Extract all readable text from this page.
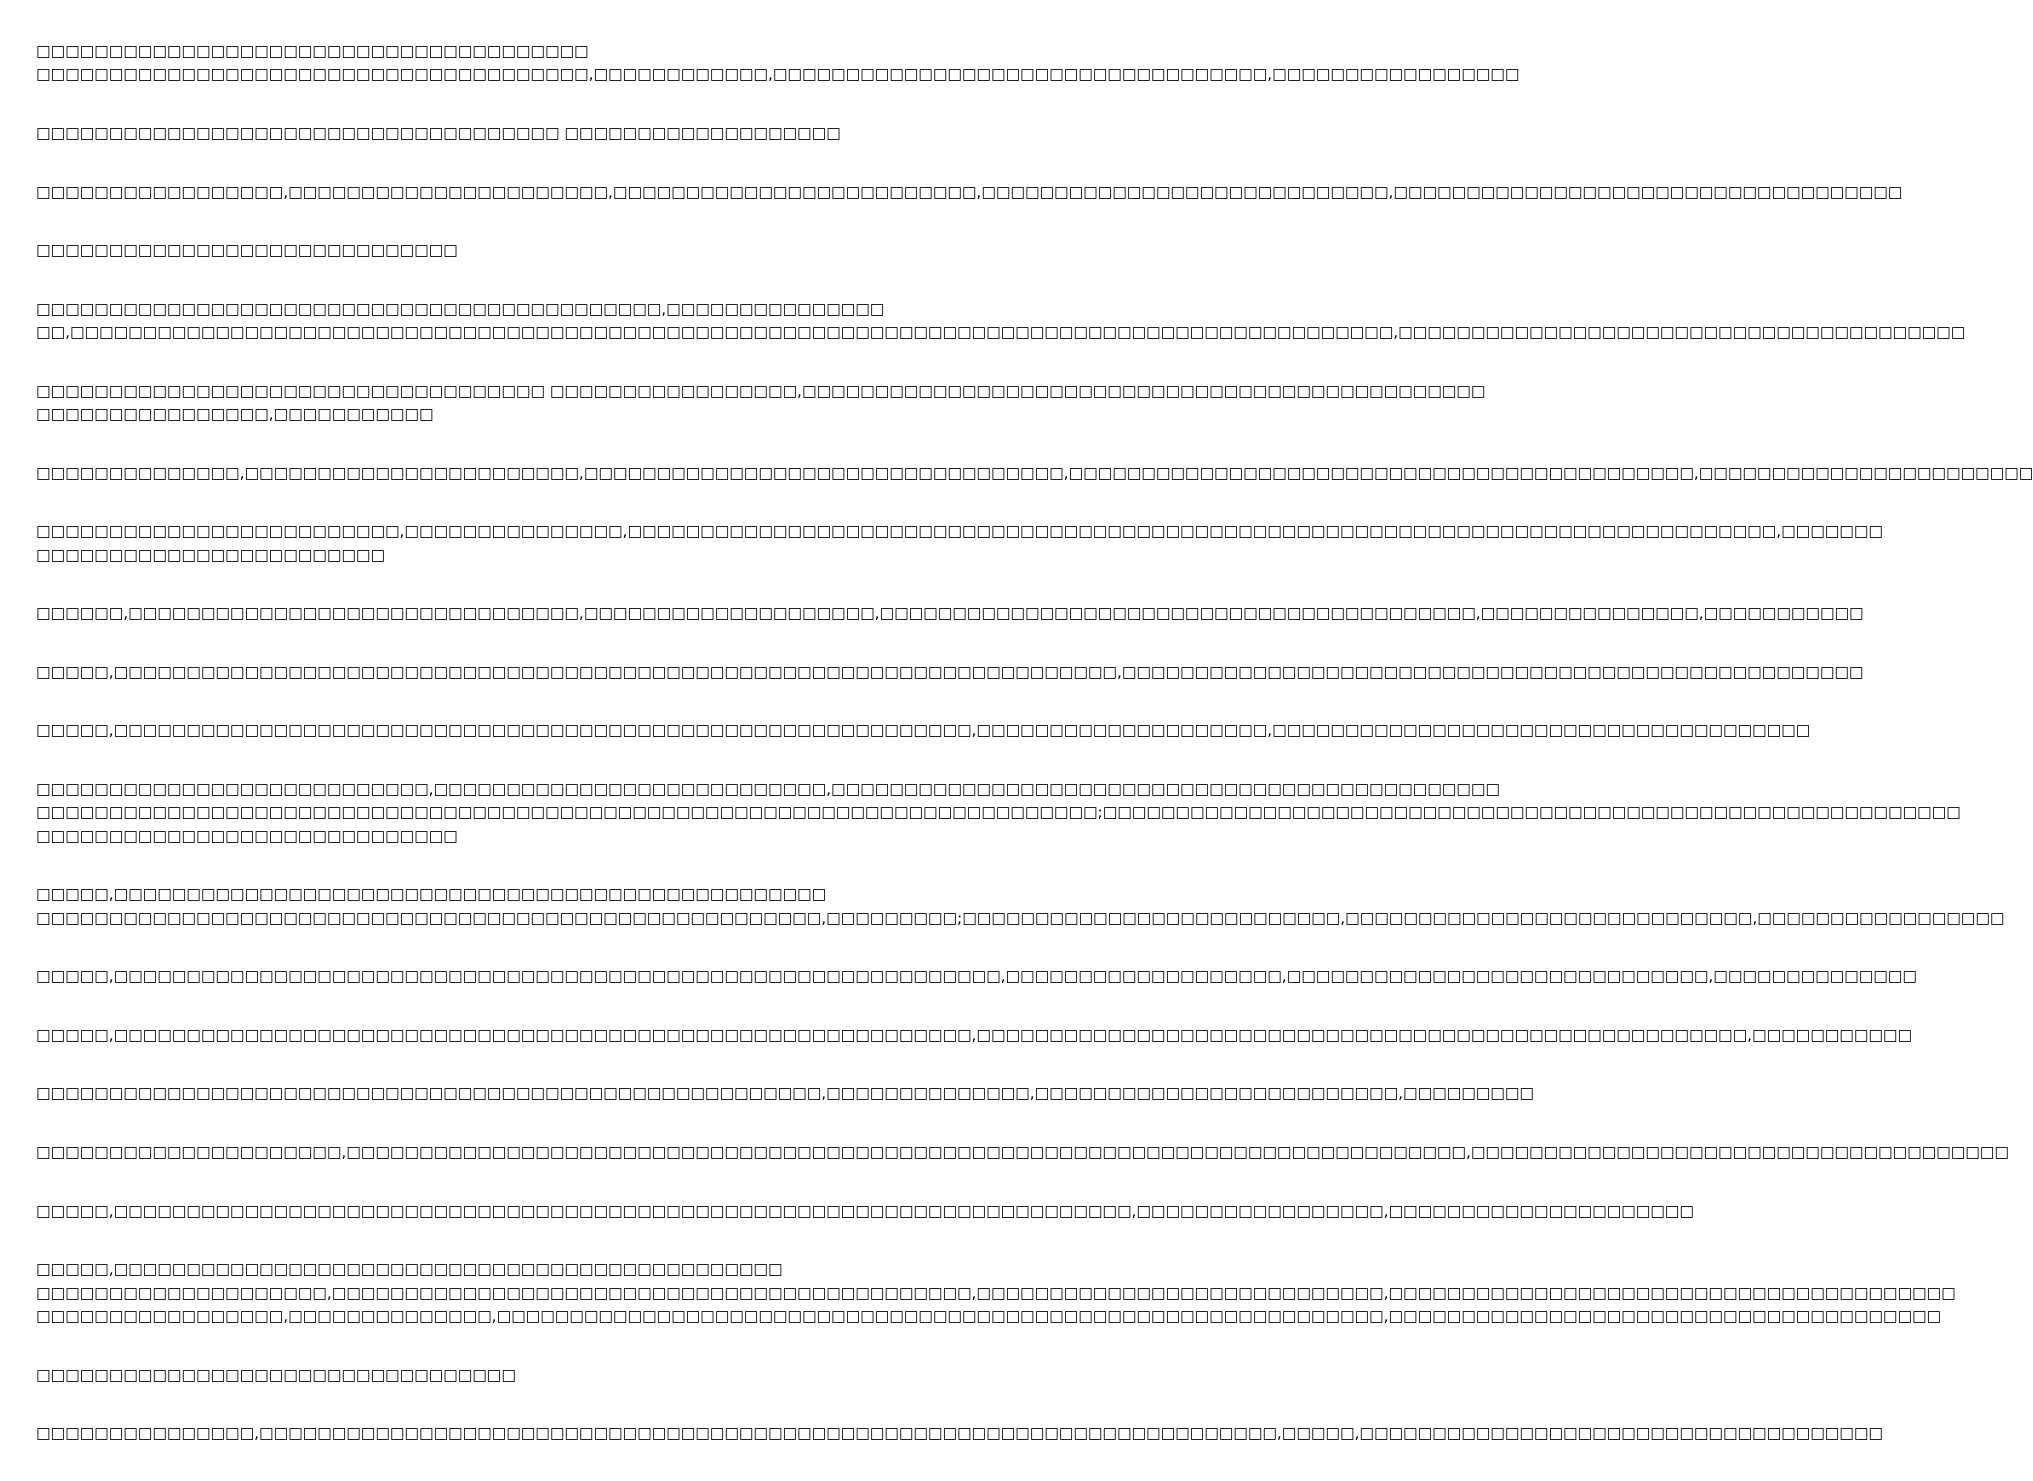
□□□□□□□□□□□□□□□□□□□□□□□□□□□□□□□□□□□□□□
□□□□□□□□□□□□□□□□□□□□□□□□□□□□□□□□□□□□□□,□□□□□□□□□□□□,□□□□□□□□□□□□□□□□□□□□□□□□□□□□□□□□□□,□□□□□□□□□□□□□□□□□
□□□□□□□□□□□□□□□□□□□□□□□□□□□□□□□□□□□□ □□□□□□□□□□□□□□□□□□□
□□□□□□□□□□□□□□□□□,□□□□□□□□□□□□□□□□□□□□□□,□□□□□□□□□□□□□□□□□□□□□□□□□,□□□□□□□□□□□□□□□□□□□□□□□□□□□□,□□□□□□□□□□□□□□□□□□□□□□□□□□□□□□□□□□□
□□□□□□□□□□□□□□□□□□□□□□□□□□□□□
□□□□□□□□□□□□□□□□□□□□□□□□□□□□□□□□□□□□□□□□□□□,□□□□□□□□□□□□□□□
□□,□□□□□□□□□□□□□□□□□□□□□□□□□□□□□□□□□□□□□□□□□□□□□□□□□□□□□□□□□□□□□□□□□□□□□□□□□□□□□□□□□□□□□□□□□□□,□□□□□□□□□□□□□□□□□□□□□□□□□□□□□□□□□□□□□□□
□□□□□□□□□□□□□□□□□□□□□□□□□□□□□□□□□□□ □□□□□□□□□□□□□□□□□,□□□□□□□□□□□□□□□□□□□□□□□□□□□□□□□□□□□□□□□□□□□□□□□
□□□□□□□□□□□□□□□□,□□□□□□□□□□□
□□□□□□□□□□□□□□,□□□□□□□□□□□□□□□□□□□□□□□,□□□□□□□□□□□□□□□□□□□□□□□□□□□□□□□□□,□□□□□□□□□□□□□□□□□□□□□□□□□□□□□□□□□□□□□□□□□□□,□□□□□□□□□□□□□□□□□□□□□□□
□□□□□□□□□□□□□□□□□□□□□□□□□,□□□□□□□□□□□□□□□,□□□□□□□□□□□□□□□□□□□□□□□□□□□□□□□□□□□□□□□□□□□□□□□□□□□□□□□□□□□□□□□□□□□□□□□□□□□□□□□,□□□□□□□
□□□□□□□□□□□□□□□□□□□□□□□□
□□□□□□,□□□□□□□□□□□□□□□□□□□□□□□□□□□□□□□,□□□□□□□□□□□□□□□□□□□□,□□□□□□□□□□□□□□□□□□□□□□□□□□□□□□□□□□□□□□□□□,□□□□□□□□□□□□□□□,□□□□□□□□□□□
□□□□□,□□□□□□□□□□□□□□□□□□□□□□□□□□□□□□□□□□□□□□□□□□□□□□□□□□□□□□□□□□□□□□□□□□□□□,□□□□□□□□□□□□□□□□□□□□□□□□□□□□□□□□□□□□□□□□□□□□□□□□□□□
□□□□□,□□□□□□□□□□□□□□□□□□□□□□□□□□□□□□□□□□□□□□□□□□□□□□□□□□□□□□□□□□□,□□□□□□□□□□□□□□□□□□□□,□□□□□□□□□□□□□□□□□□□□□□□□□□□□□□□□□□□□□
□□□□□□□□□□□□□□□□□□□□□□□□□□□,□□□□□□□□□□□□□□□□□□□□□□□□□□□,□□□□□□□□□□□□□□□□□□□□□□□□□□□□□□□□□□□□□□□□□□□□□□
□□□□□□□□□□□□□□□□□□□□□□□□□□□□□□□□□□□□□□□□□□□□□□□□□□□□□□□□□□□□□□□□□□□□□□□□□;□□□□□□□□□□□□□□□□□□□□□□□□□□□□□□□□□□□□□□□□□□□□□□□□□□□□□□□□□□□
□□□□□□□□□□□□□□□□□□□□□□□□□□□□□
□□□□□,□□□□□□□□□□□□□□□□□□□□□□□□□□□□□□□□□□□□□□□□□□□□□□□□□
□□□□□□□□□□□□□□□□□□□□□□□□□□□□□□□□□□□□□□□□□□□□□□□□□□□□□□,□□□□□□□□□;□□□□□□□□□□□□□□□□□□□□□□□□□□,□□□□□□□□□□□□□□□□□□□□□□□□□□□□,□□□□□□□□□□□□□□□□□
□□□□□,□□□□□□□□□□□□□□□□□□□□□□□□□□□□□□□□□□□□□□□□□□□□□□□□□□□□□□□□□□□□□,□□□□□□□□□□□□□□□□□□□,□□□□□□□□□□□□□□□□□□□□□□□□□□□□□,□□□□□□□□□□□□□□
□□□□□,□□□□□□□□□□□□□□□□□□□□□□□□□□□□□□□□□□□□□□□□□□□□□□□□□□□□□□□□□□□,□□□□□□□□□□□□□□□□□□□□□□□□□□□□□□□□□□□□□□□□□□□□□□□□□□□□□,□□□□□□□□□□□
□□□□□□□□□□□□□□□□□□□□□□□□□□□□□□□□□□□□□□□□□□□□□□□□□□□□□□,□□□□□□□□□□□□□□,□□□□□□□□□□□□□□□□□□□□□□□□□,□□□□□□□□□
□□□□□□□□□□□□□□□□□□□□□,□□□□□□□□□□□□□□□□□□□□□□□□□□□□□□□□□□□□□□□□□□□□□□□□□□□□□□□□□□□□□□□□□□□□□□□□□□□□□,□□□□□□□□□□□□□□□□□□□□□□□□□□□□□□□□□□□□□
□□□□□,□□□□□□□□□□□□□□□□□□□□□□□□□□□□□□□□□□□□□□□□□□□□□□□□□□□□□□□□□□□□□□□□□□□□□□,□□□□□□□□□□□□□□□□□,□□□□□□□□□□□□□□□□□□□□□
□□□□□,□□□□□□□□□□□□□□□□□□□□□□□□□□□□□□□□□□□□□□□□□□□□□□
□□□□□□□□□□□□□□□□□□□□,□□□□□□□□□□□□□□□□□□□□□□□□□□□□□□□□□□□□□□□□□□□□,□□□□□□□□□□□□□□□□□□□□□□□□□□□□,□□□□□□□□□□□□□□□□□□□□□□□□□□□□□□□□□□□□□□□
□□□□□□□□□□□□□□□□□,□□□□□□□□□□□□□□,□□□□□□□□□□□□□□□□□□□□□□□□□□□□□□□□□□□□□□□□□□□□□□□□□□□□□□□□□□□□□,□□□□□□□□□□□□□□□□□□□□□□□□□□□□□□□□□□□□□□
□□□□□□□□□□□□□□□□□□□□□□□□□□□□□□□□□
□□□□□□□□□□□□□□□,□□□□□□□□□□□□□□□□□□□□□□□□□□□□□□□□□□□□□□□□□□□□□□□□□□□□□□□□□□□□□□□□□□□□□□,□□□□□,□□□□□□□□□□□□□□□□□□□□□□□□□□□□□□□□□□□□
